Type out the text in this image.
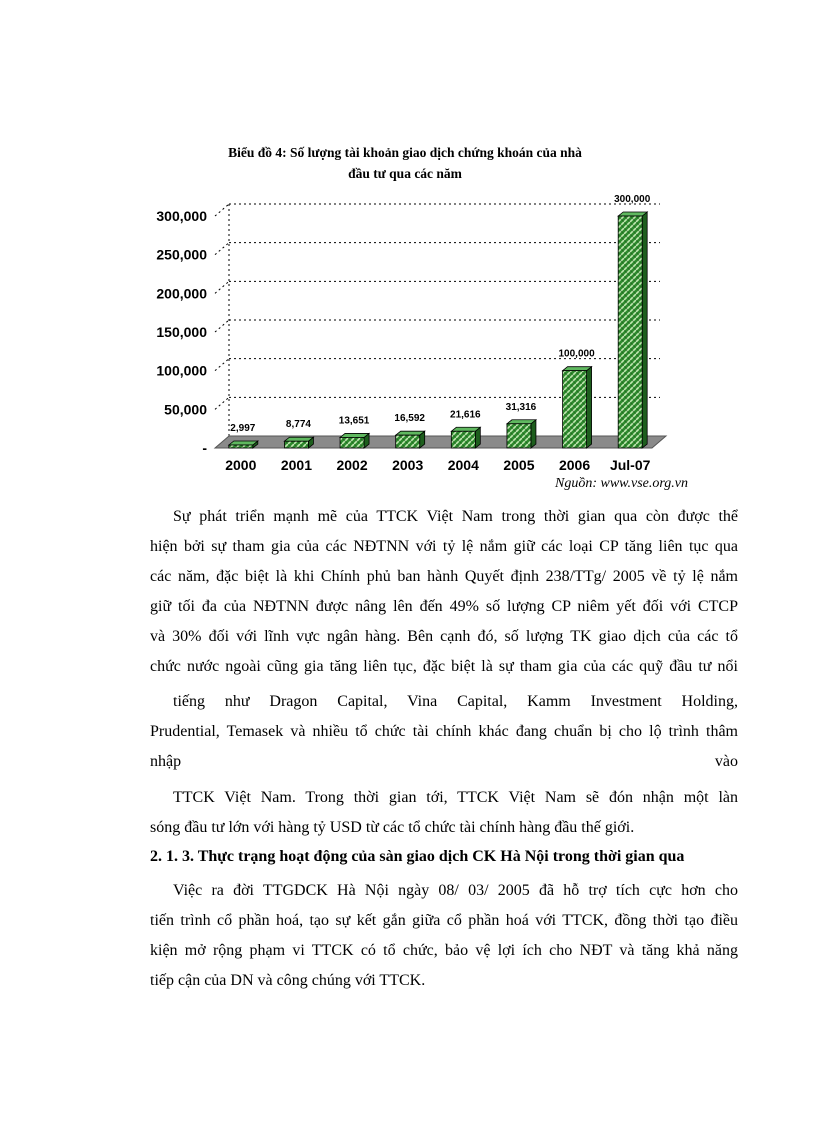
Biểu đồ 4: Số lượng tài khoản giao dịch chứng khoán của nhà
đầu tư qua các năm
-
50,000
100,000
150,000
200,000
250,000
300,000
2,997
2000
8,774
2001
13,651
2002
16,592
2003
21,616
2004
31,316
2005
100,000
2006
300,000
Jul-07
Nguồn: www.vse.org.vn

Sự phát triển mạnh mẽ của TTCK Việt Nam trong thời gian qua còn được thể
hiện bởi sự tham gia của các NĐTNN với tỷ lệ nắm giữ các loại CP tăng liên tục qua
các năm, đặc biệt là khi Chính phủ ban hành Quyết định 238/TTg/ 2005 về tỷ lệ nắm
giữ tối đa của NĐTNN được nâng lên đến 49% số lượng CP niêm yết đối với CTCP
và 30% đối với lĩnh vực ngân hàng. Bên cạnh đó, số lượng TK giao dịch của các tổ
chức nước ngoài cũng gia tăng liên tục, đặc biệt là sự tham gia của các quỹ đầu tư nổi

tiếng như Dragon Capital, Vina Capital, Kamm Investment Holding,
Prudential, Temasek và nhiều tổ chức tài chính khác đang chuẩn bị cho lộ trình thâm
nhập	vào

TTCK Việt Nam. Trong thời gian tới, TTCK Việt Nam sẽ đón nhận một làn
sóng đầu tư lớn với hàng tỷ USD từ các tổ chức tài chính hàng đầu thế giới.

2. 1. 3. Thực trạng hoạt động của sàn giao dịch CK Hà Nội trong thời gian qua

Việc ra đời TTGDCK Hà Nội ngày 08/ 03/ 2005 đã hỗ trợ tích cực hơn cho
tiến trình cổ phần hoá, tạo sự kết gắn giữa cổ phần hoá với TTCK, đồng thời tạo điều
kiện mở rộng phạm vi TTCK có tổ chức, bảo vệ lợi ích cho NĐT và tăng khả năng
tiếp cận của DN và công chúng với TTCK.
